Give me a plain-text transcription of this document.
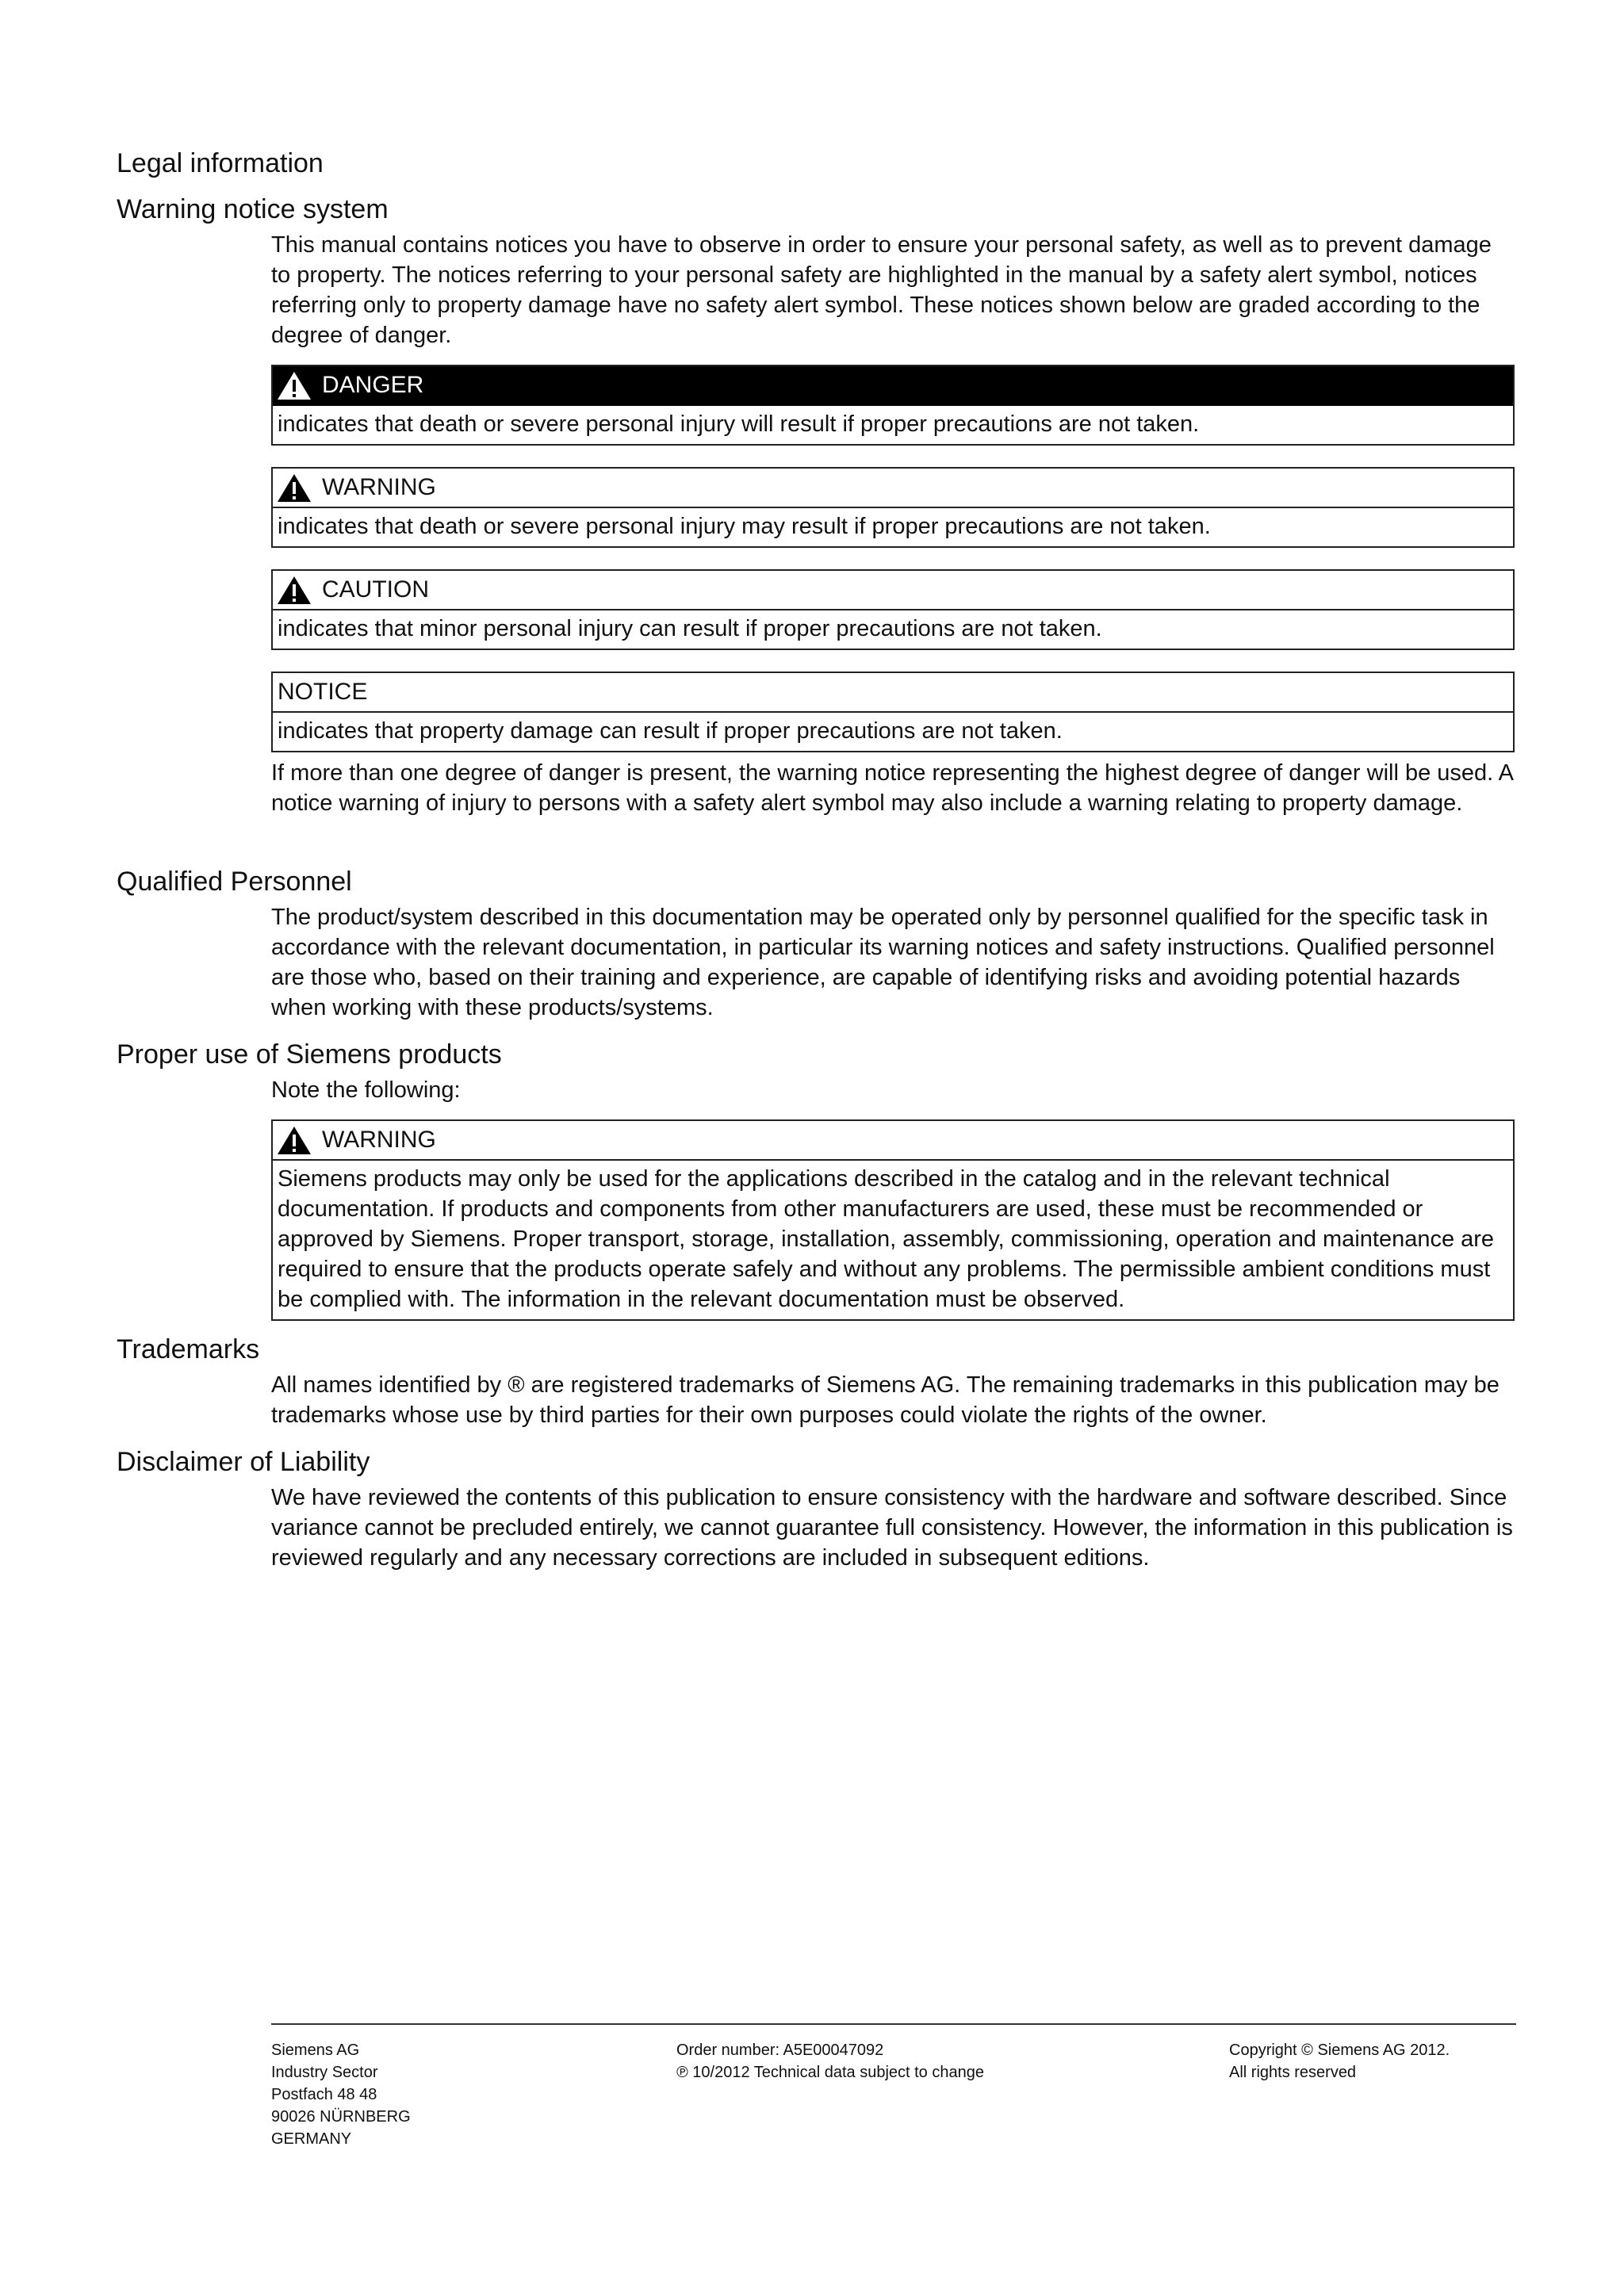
Legal information
Warning notice system
This manual contains notices you have to observe in order to ensure your personal safety, as well as to prevent damage to property. The notices referring to your personal safety are highlighted in the manual by a safety alert symbol, notices referring only to property damage have no safety alert symbol. These notices shown below are graded according to the degree of danger.
DANGER
indicates that death or severe personal injury will result if proper precautions are not taken.
WARNING
indicates that death or severe personal injury may result if proper precautions are not taken.
CAUTION
indicates that minor personal injury can result if proper precautions are not taken.
NOTICE
indicates that property damage can result if proper precautions are not taken.
If more than one degree of danger is present, the warning notice representing the highest degree of danger will be used. A notice warning of injury to persons with a safety alert symbol may also include a warning relating to property damage.
Qualified Personnel
The product/system described in this documentation may be operated only by personnel qualified for the specific task in accordance with the relevant documentation, in particular its warning notices and safety instructions. Qualified personnel are those who, based on their training and experience, are capable of identifying risks and avoiding potential hazards when working with these products/systems.
Proper use of Siemens products
Note the following:
WARNING
Siemens products may only be used for the applications described in the catalog and in the relevant technical documentation. If products and components from other manufacturers are used, these must be recommended or approved by Siemens. Proper transport, storage, installation, assembly, commissioning, operation and maintenance are required to ensure that the products operate safely and without any problems. The permissible ambient conditions must be complied with. The information in the relevant documentation must be observed.
Trademarks
All names identified by ® are registered trademarks of Siemens AG. The remaining trademarks in this publication may be trademarks whose use by third parties for their own purposes could violate the rights of the owner.
Disclaimer of Liability
We have reviewed the contents of this publication to ensure consistency with the hardware and software described. Since variance cannot be precluded entirely, we cannot guarantee full consistency. However, the information in this publication is reviewed regularly and any necessary corrections are included in subsequent editions.
Siemens AG
Industry Sector
Postfach 48 48
90026 NÜRNBERG
GERMANY
Order number: A5E00047092
℗ 10/2012 Technical data subject to change
Copyright © Siemens AG 2012.
All rights reserved
